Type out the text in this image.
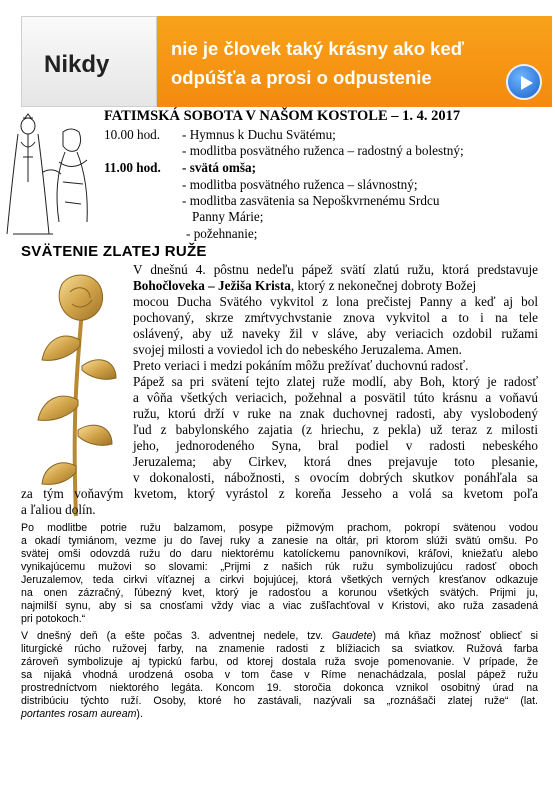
Nikdy
nie je človek taký krásny ako keď
odpúšťa a prosi o odpustenie
FATIMSKÁ SOBOTA V NAŠOM KOSTOLE – 1. 4. 2017
10.00 hod. - Hymnus k Duchu Svätému;
- modlitba posvätného ruženca – radostný a bolestný;
11.00 hod. - svätá omša;
- modlitba posvätného ruženca – slávnostný;
- modlitba zasvätenia sa Nepoškvrnenému Srdcu
Panny Márie;
- požehnanie;
SVÄTENIE ZLATEJ RUŽE
V dnešnú 4. pôstnu nedeľu pápež svätí zlatú ružu, ktorá predstavuje
Bohočloveka – Ježiša Krista, ktorý z nekonečnej dobroty Božej
mocou Ducha Svätého vykvitol z lona prečistej Panny a keď aj bol
pochovaný, skrze zmŕtvychvstanie znova vykvitol a to i na tele
oslávený, aby už naveky žil v sláve, aby veriacich ozdobil ružami
svojej milosti a voviedol ich do nebeského Jeruzalema. Amen.
Preto veriaci i medzi pokáním môžu prežívať duchovnú radosť.
Pápež sa pri svätení tejto zlatej ruže modlí, aby Boh, ktorý je radosť
a vôňa všetkých veriacich, požehnal a posvätil túto krásnu a voňavú
ružu, ktorú drží v ruke na znak duchovnej radosti, aby vyslobodený
ľud z babylonského zajatia (z hriechu, z pekla) už teraz z milosti
jeho, jednorodeného Syna, bral podiel v radosti nebeského
Jeruzalema; aby Cirkev, ktorá dnes prejavuje toto plesanie,
v dokonalosti, nábožnosti, s ovocím dobrých skutkov ponáhľala sa
za tým voňavým kvetom, ktorý vyrástol z koreňa Jesseho a volá sa kvetom poľa
a ľaliou dolín.
Po modlitbe potrie ružu balzamom, posype pižmovým prachom, pokropí svätenou vodou
a okadí tymiánom, vezme ju do ľavej ruky a zanesie na oltár, pri ktorom slúži svätú omšu. Po
svätej omši odovzdá ružu do daru niektorému katolíckemu panovníkovi, kráľovi, kniežaťu alebo
vynikajúcemu mužovi so slovami: „Prijmi z našich rúk ružu symbolizujúcu radosť oboch
Jeruzalemov, teda cirkvi víťaznej a cirkvi bojujúcej, ktorá všetkých verných kresťanov odkazuje
na onen zázračný, ľúbezný kvet, ktorý je radosťou a korunou všetkých svätých. Prijmi ju,
najmilší synu, aby si sa cnosťami vždy viac a viac zušľachťoval v Kristovi, ako ruža zasadená
pri potokoch.“
V dnešný deň (a ešte počas 3. adventnej nedele, tzv. Gaudete) má kňaz možnosť obliecť si
liturgické rúcho ružovej farby, na znamenie radosti z blížiacich sa sviatkov. Ružová farba
zároveň symbolizuje aj typickú farbu, od ktorej dostala ruža svoje pomenovanie. V prípade, že
sa nijaká vhodná urodzená osoba v tom čase v Ríme nenachádzala, poslal pápež ružu
prostredníctvom niektorého legáta. Koncom 19. storočia dokonca vznikol osobitný úrad na
distribúciu týchto ruží. Osoby, ktoré ho zastávali, nazývali sa „roznášači zlatej ruže“ (lat.
portantes rosam auream).
